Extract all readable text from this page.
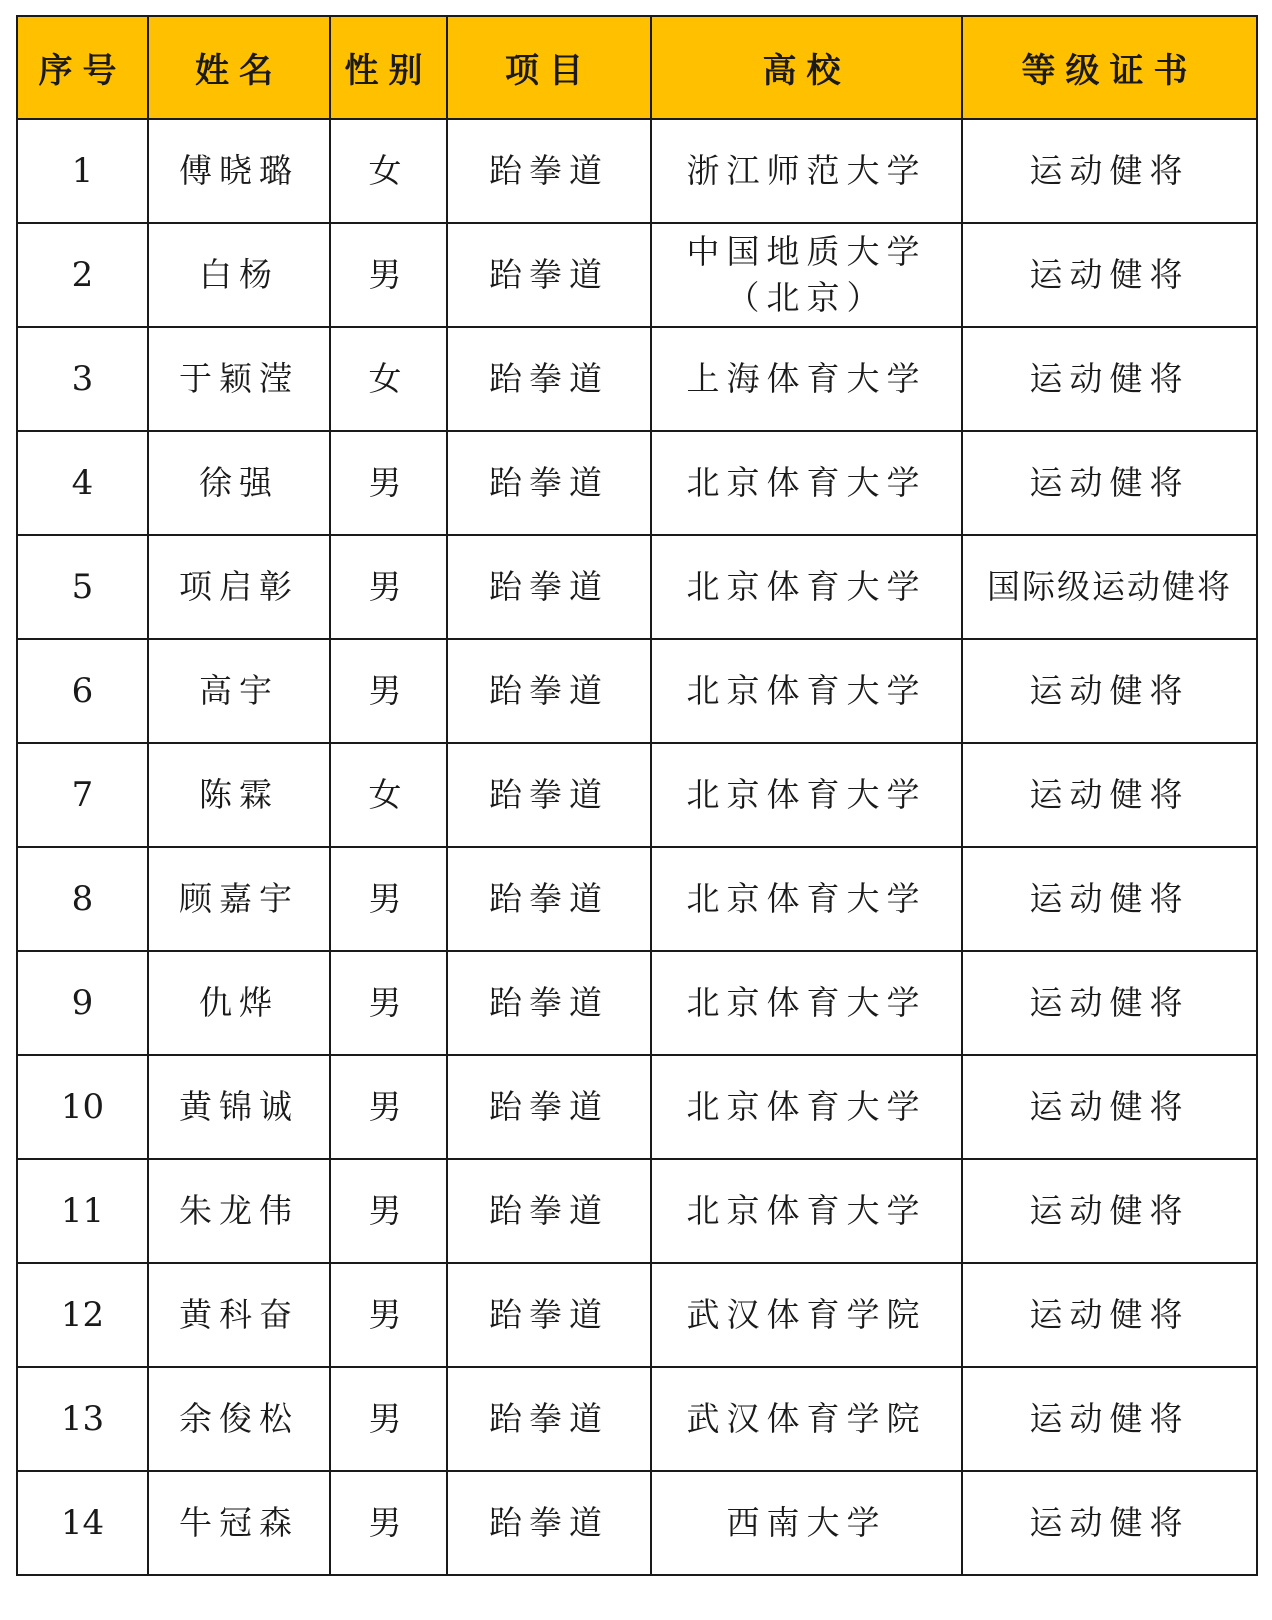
序号	姓名	性别	项目	高校	等级证书
1	傅晓璐	女	跆拳道	浙江师范大学	运动健将
2	白杨	男	跆拳道	中国地质大学（北京）	运动健将
3	于颖滢	女	跆拳道	上海体育大学	运动健将
4	徐强	男	跆拳道	北京体育大学	运动健将
5	项启彰	男	跆拳道	北京体育大学	国际级运动健将
6	高宇	男	跆拳道	北京体育大学	运动健将
7	陈霖	女	跆拳道	北京体育大学	运动健将
8	顾嘉宇	男	跆拳道	北京体育大学	运动健将
9	仇烨	男	跆拳道	北京体育大学	运动健将
10	黄锦诚	男	跆拳道	北京体育大学	运动健将
11	朱龙伟	男	跆拳道	北京体育大学	运动健将
12	黄科奋	男	跆拳道	武汉体育学院	运动健将
13	余俊松	男	跆拳道	武汉体育学院	运动健将
14	牛冠森	男	跆拳道	西南大学	运动健将
